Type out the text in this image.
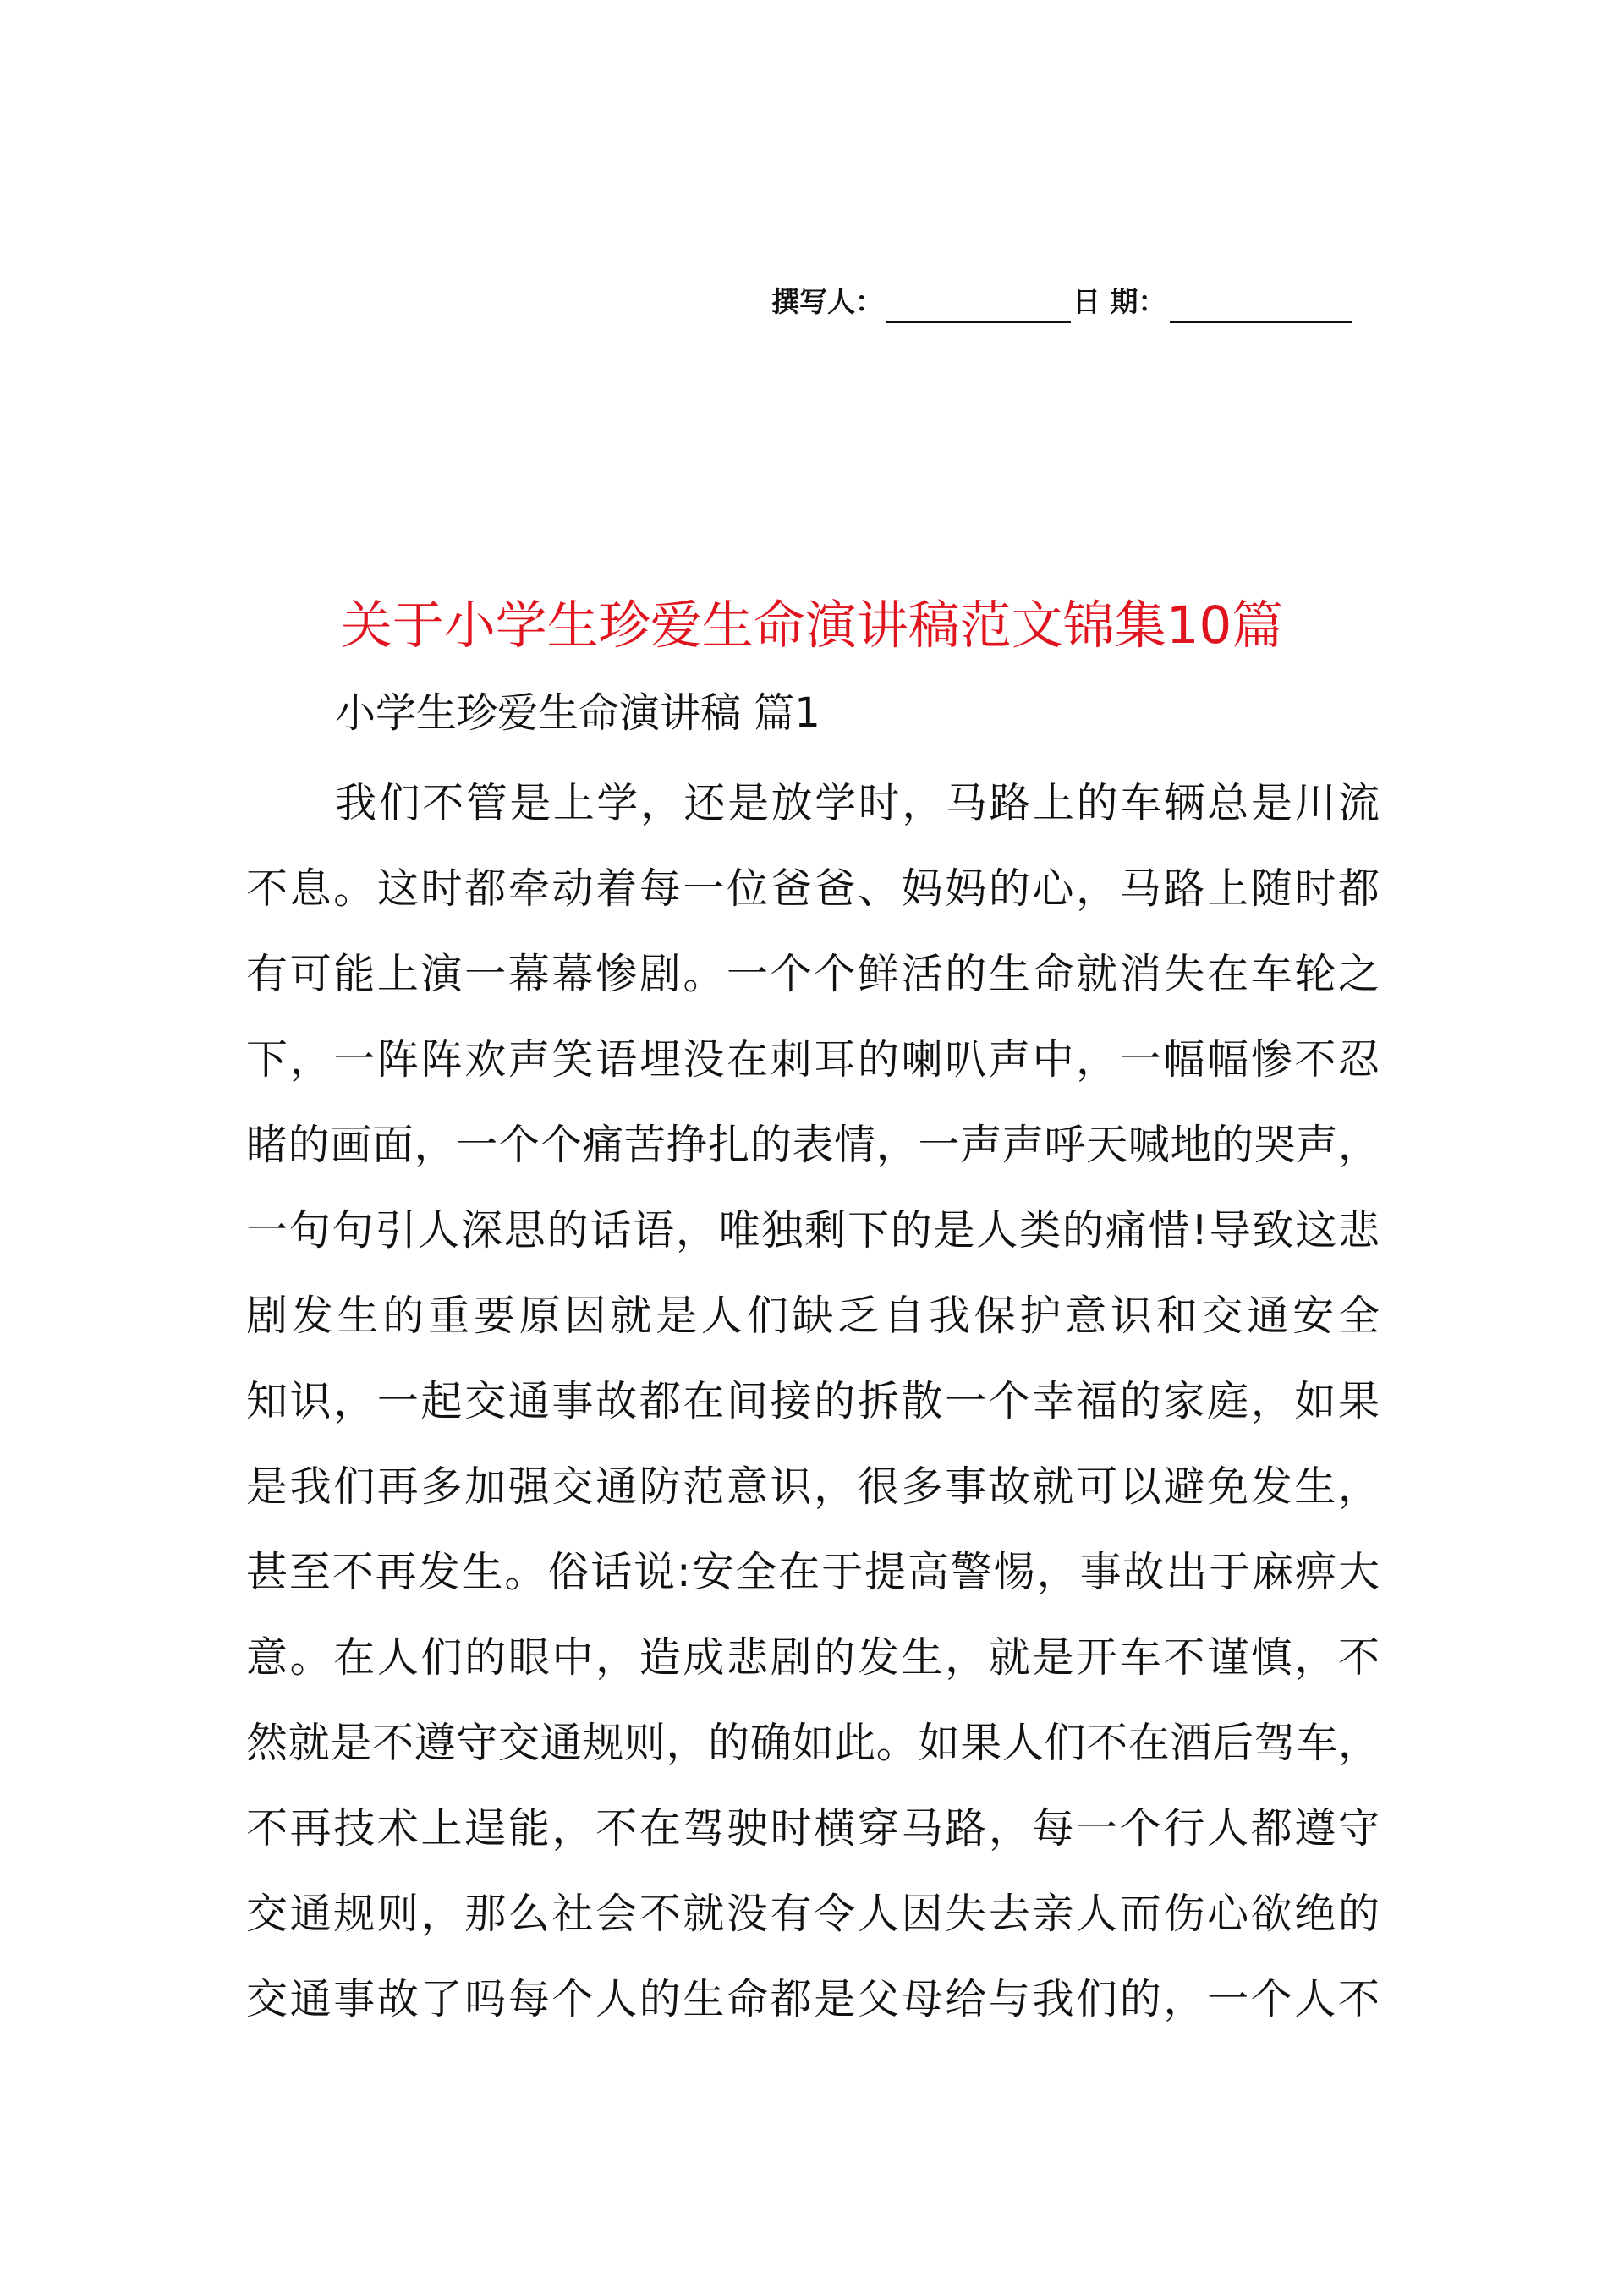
撰写人：	日 期：
关于小学生珍爱生命演讲稿范文锦集10篇
小学生珍爱生命演讲稿 篇1
我们不管是上学，还是放学时，马路上的车辆总是川流
不息。这时都牵动着每一位爸爸、妈妈的心，马路上随时都
有可能上演一幕幕惨剧。一个个鲜活的生命就消失在车轮之
下，一阵阵欢声笑语埋没在刺耳的喇叭声中，一幅幅惨不忍
睹的画面，一个个痛苦挣扎的表情，一声声呼天喊地的哭声，
一句句引人深思的话语，唯独剩下的是人类的痛惜!导致这悲
剧发生的重要原因就是人们缺乏自我保护意识和交通安全
知识，一起交通事故都在间接的拆散一个幸福的家庭，如果
是我们再多加强交通防范意识，很多事故就可以避免发生，
甚至不再发生。俗话说:安全在于提高警惕，事故出于麻痹大
意。在人们的眼中，造成悲剧的发生，就是开车不谨慎，不
然就是不遵守交通规则，的确如此。如果人们不在酒后驾车，
不再技术上逞能，不在驾驶时横穿马路，每一个行人都遵守
交通规则，那么社会不就没有令人因失去亲人而伤心欲绝的
交通事故了吗每个人的生命都是父母给与我们的，一个人不
